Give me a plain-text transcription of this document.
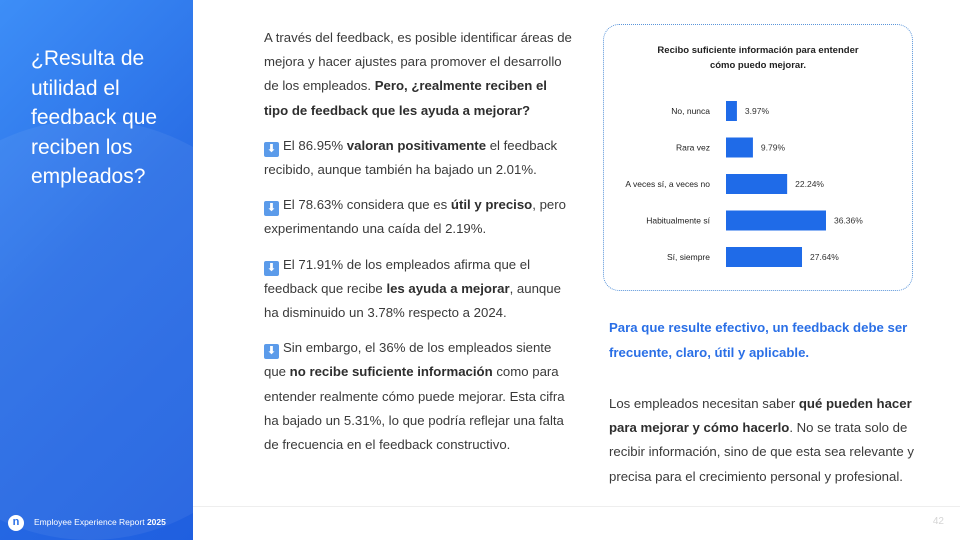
¿Resulta de utilidad el feedback que reciben los empleados?
n	Employee Experience Report 2025

A través del feedback, es posible identificar áreas de mejora y hacer ajustes para promover el desarrollo de los empleados. Pero, ¿realmente reciben el tipo de feedback que les ayuda a mejorar?

⬇ El 86.95% valoran positivamente el feedback recibido, aunque también ha bajado un 2.01%.

⬇ El 78.63% considera que es útil y preciso, pero experimentando una caída del 2.19%.

⬇ El 71.91% de los empleados afirma que el feedback que recibe les ayuda a mejorar, aunque ha disminuido un 3.78% respecto a 2024.

⬇ Sin embargo, el 36% de los empleados siente que no recibe suficiente información como para entender realmente cómo puede mejorar. Esta cifra ha bajado un 5.31%, lo que podría reflejar una falta de frecuencia en el feedback constructivo.

Recibo suficiente información para entender
cómo puedo mejorar.
No, nunca	3.97%
Rara vez	9.79%
A veces sí, a veces no	22.24%
Habitualmente sí	36.36%
Sí, siempre	27.64%
Para que resulte efectivo, un feedback debe ser frecuente, claro, útil y aplicable.
Los empleados necesitan saber qué pueden hacer para mejorar y cómo hacerlo. No se trata solo de recibir información, sino de que esta sea relevante y precisa para el crecimiento personal y profesional.
42
